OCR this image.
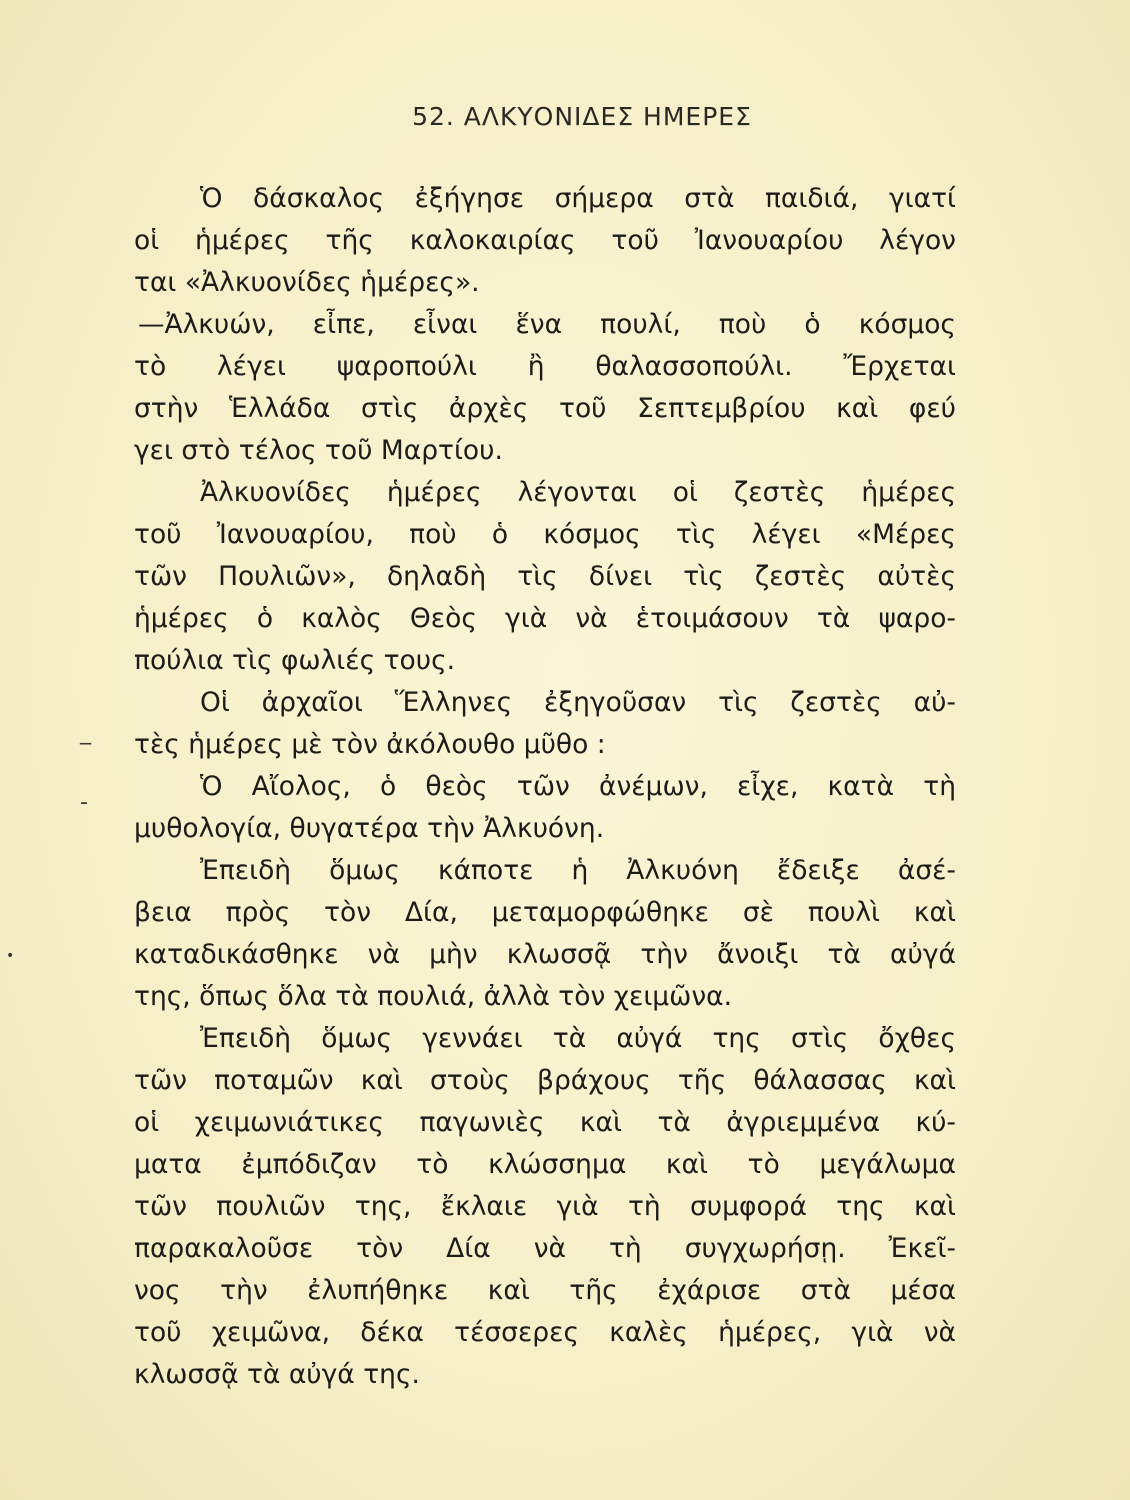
52. ΑΛΚΥΟΝΙΔΕΣ ΗΜΕΡΕΣ
Ὁ δάσκαλος ἐξήγησε σήμερα στὰ παιδιά, γιατί
οἱ ἡμέρες τῆς καλοκαιρίας τοῦ Ἰανουαρίου λέγον
ται «Ἀλκυονίδες ἡμέρες».
—Ἀλκυών, εἶπε, εἶναι ἕνα πουλί, ποὺ ὁ κόσμος
τὸ λέγει ψαροπούλι ἢ θαλασσοπούλι. Ἔρχεται
στὴν Ἑλλάδα στὶς ἀρχὲς τοῦ Σεπτεμβρίου καὶ φεύ
γει στὸ τέλος τοῦ Μαρτίου.
Ἀλκυονίδες ἡμέρες λέγονται οἱ ζεστὲς ἡμέρες
τοῦ Ἰανουαρίου, ποὺ ὁ κόσμος τὶς λέγει «Μέρες
τῶν Πουλιῶν», δηλαδὴ τὶς δίνει τὶς ζεστὲς αὐτὲς
ἡμέρες ὁ καλὸς Θεὸς γιὰ νὰ ἑτοιμάσουν τὰ ψαρο-
πούλια τὶς φωλιές τους.
Οἱ ἀρχαῖοι Ἕλληνες ἐξηγοῦσαν τὶς ζεστὲς αὐ-
τὲς ἡμέρες μὲ τὸν ἀκόλουθο μῦθο :
Ὁ Αἴολος, ὁ θεὸς τῶν ἀνέμων, εἶχε, κατὰ τὴ
μυθολογία, θυγατέρα τὴν Ἀλκυόνη.
Ἐπειδὴ ὅμως κάποτε ἡ Ἀλκυόνη ἔδειξε ἀσέ-
βεια πρὸς τὸν Δία, μεταμορφώθηκε σὲ πουλὶ καὶ
καταδικάσθηκε νὰ μὴν κλωσσᾷ τὴν ἄνοιξι τὰ αὐγά
της, ὅπως ὅλα τὰ πουλιά, ἀλλὰ τὸν χειμῶνα.
Ἐπειδὴ ὅμως γεννάει τὰ αὐγά της στὶς ὄχθες
τῶν ποταμῶν καὶ στοὺς βράχους τῆς θάλασσας καὶ
οἱ χειμωνιάτικες παγωνιὲς καὶ τὰ ἀγριεμμένα κύ-
ματα ἐμπόδιζαν τὸ κλώσσημα καὶ τὸ μεγάλωμα
τῶν πουλιῶν της, ἔκλαιε γιὰ τὴ συμφορά της καὶ
παρακαλοῦσε τὸν Δία νὰ τὴ συγχωρήσῃ. Ἐκεῖ-
νος τὴν ἐλυπήθηκε καὶ τῆς ἐχάρισε στὰ μέσα
τοῦ χειμῶνα, δέκα τέσσερες καλὲς ἡμέρες, γιὰ νὰ
κλωσσᾷ τὰ αὐγά της.
_
-
•
